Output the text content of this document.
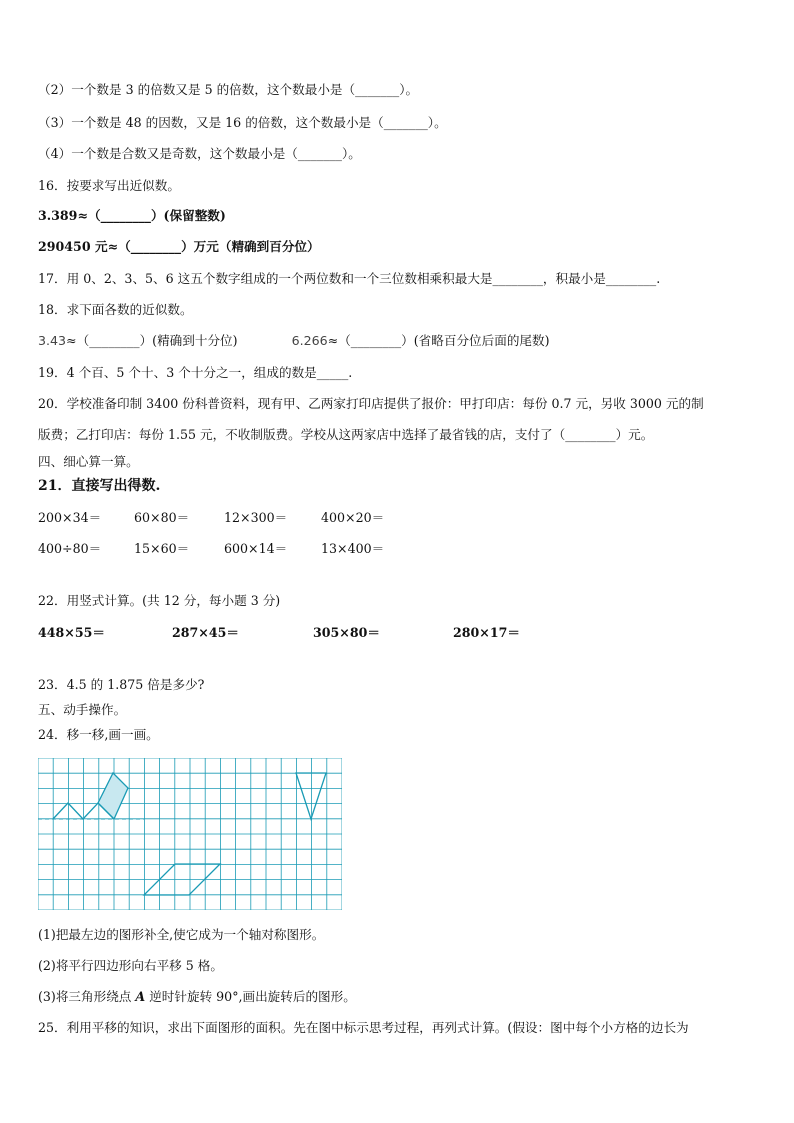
（2）一个数是 3 的倍数又是 5 的倍数，这个数最小是（_______）。
（3）一个数是 48 的因数，又是 16 的倍数，这个数最小是（_______）。
（4）一个数是合数又是奇数，这个数最小是（_______）。
16．按要求写出近似数。
3.389≈（________）(保留整数)
290450 元≈（________）万元（精确到百分位）
17．用 0、2、3、5、6 这五个数字组成的一个两位数和一个三位数相乘积最大是________，积最小是________.
18．求下面各数的近似数。
3.43≈（________）(精确到十分位)	6.266≈（________）(省略百分位后面的尾数)
19．4 个百、5 个十、3 个十分之一，组成的数是_____.
20．学校准备印制 3400 份科普资料，现有甲、乙两家打印店提供了报价：甲打印店：每份 0.7 元，另收 3000 元的制
版费；乙打印店：每份 1.55 元，不收制版费。学校从这两家店中选择了最省钱的店，支付了（________）元。
四、细心算一算。
21．直接写出得数.
200×34＝	60×80＝	12×300＝	400×20＝
400÷80＝	15×60＝	600×14＝	13×400＝
22．用竖式计算。(共 12 分，每小题 3 分)
448×55＝	287×45＝	305×80＝	280×17＝
23．4.5 的 1.875 倍是多少?
五、动手操作。
24．移一移,画一画。
(1)把最左边的图形补全,使它成为一个轴对称图形。
(2)将平行四边形向右平移 5 格。
(3)将三角形绕点 A 逆时针旋转 90°,画出旋转后的图形。
25．利用平移的知识，求出下面图形的面积。先在图中标示思考过程，再列式计算。(假设：图中每个小方格的边长为
